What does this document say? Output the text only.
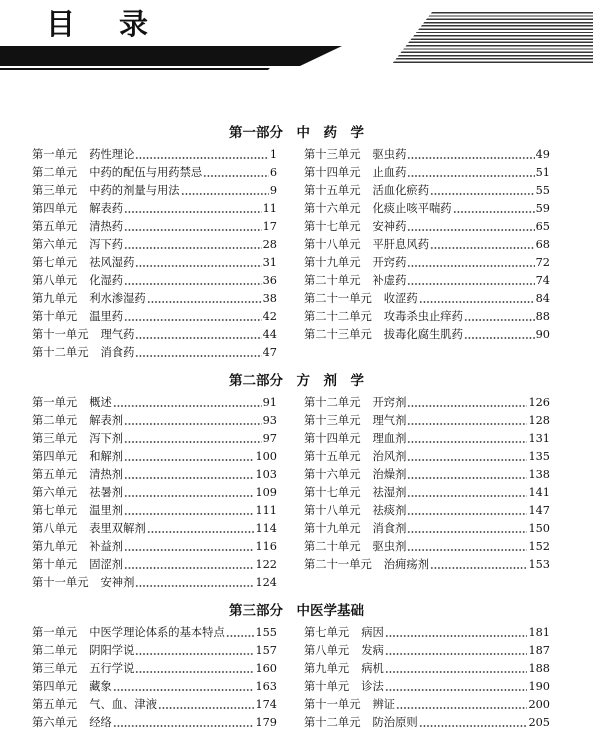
目录
第一部分　中　药　学
第一单元 药性理论	1
第二单元 中药的配伍与用药禁忌	6
第三单元 中药的剂量与用法	9
第四单元 解表药	11
第五单元 清热药	17
第六单元 泻下药	28
第七单元 祛风湿药	31
第八单元 化湿药	36
第九单元 利水渗湿药	38
第十单元 温里药	42
第十一单元 理气药	44
第十二单元 消食药	47
第十三单元 驱虫药	49
第十四单元 止血药	51
第十五单元 活血化瘀药	55
第十六单元 化痰止咳平喘药	59
第十七单元 安神药	65
第十八单元 平肝息风药	68
第十九单元 开窍药	72
第二十单元 补虚药	74
第二十一单元 收涩药	84
第二十二单元 攻毒杀虫止痒药	88
第二十三单元 拔毒化腐生肌药	90
第二部分　方　剂　学
第一单元 概述	91
第二单元 解表剂	93
第三单元 泻下剂	97
第四单元 和解剂	100
第五单元 清热剂	103
第六单元 祛暑剂	109
第七单元 温里剂	111
第八单元 表里双解剂	114
第九单元 补益剂	116
第十单元 固涩剂	122
第十一单元 安神剂	124
第十二单元 开窍剂	126
第十三单元 理气剂	128
第十四单元 理血剂	131
第十五单元 治风剂	135
第十六单元 治燥剂	138
第十七单元 祛湿剂	141
第十八单元 祛痰剂	147
第十九单元 消食剂	150
第二十单元 驱虫剂	152
第二十一单元 治痈疡剂	153
第三部分　中医学基础
第一单元 中医学理论体系的基本特点	155
第二单元 阴阳学说	157
第三单元 五行学说	160
第四单元 藏象	163
第五单元 气、血、津液	174
第六单元 经络	179
第七单元 病因	181
第八单元 发病	187
第九单元 病机	188
第十单元 诊法	190
第十一单元 辨证	200
第十二单元 防治原则	205
